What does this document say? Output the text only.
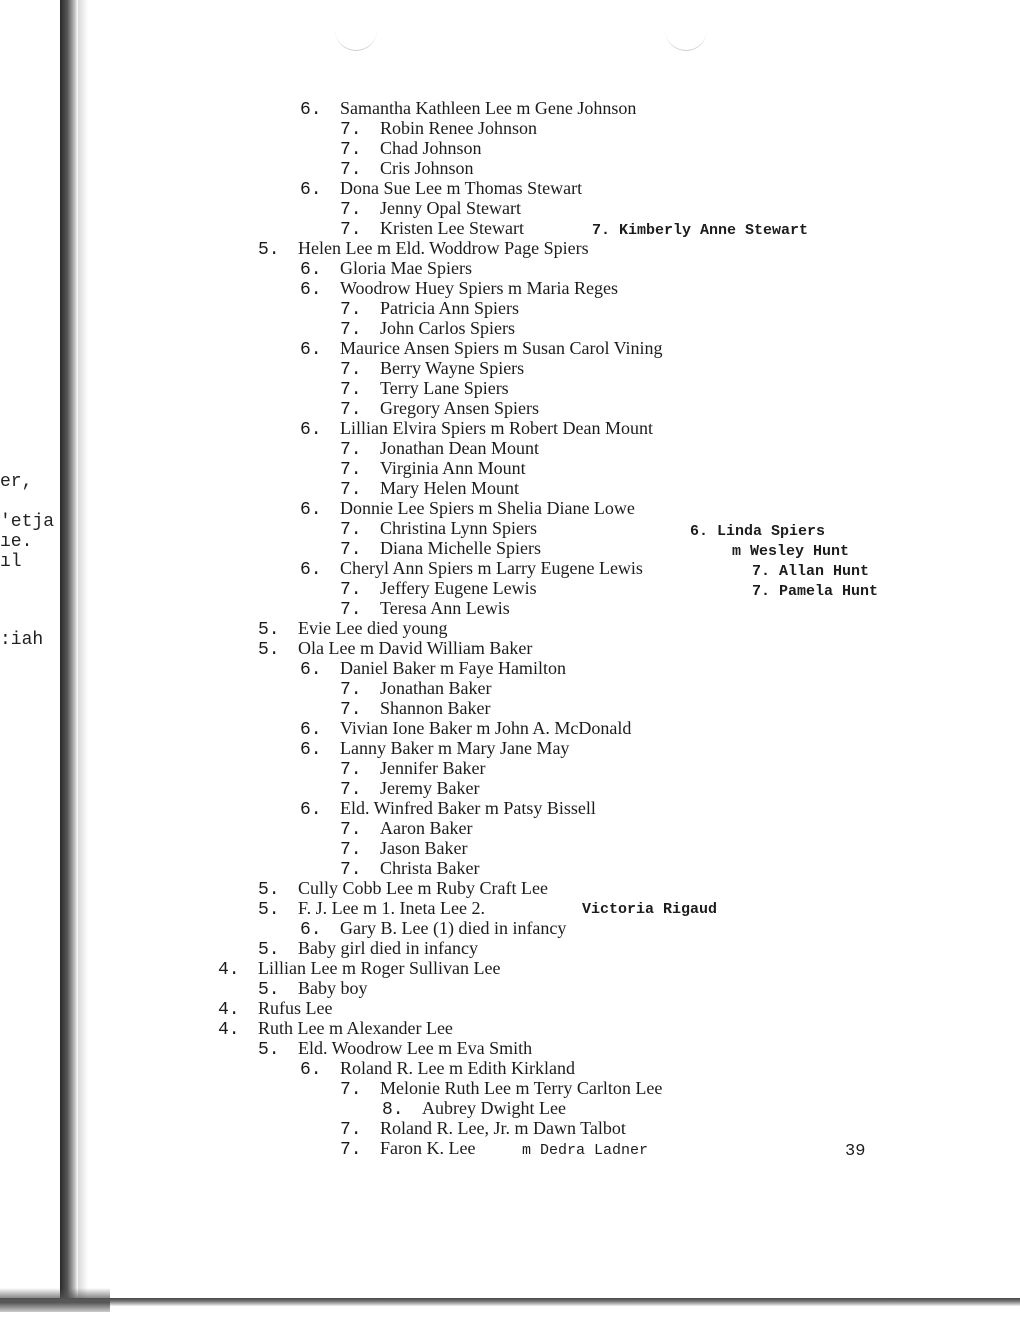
er,
'etja
ıe.
ıl
:iah
6. Samantha Kathleen Lee m Gene Johnson
7. Robin Renee Johnson
7. Chad Johnson
7. Cris Johnson
6. Dona Sue Lee m Thomas Stewart
7. Jenny Opal Stewart
7. Kristen Lee Stewart	7. Kimberly Anne Stewart
5. Helen Lee m Eld. Woddrow Page Spiers
6. Gloria Mae Spiers
6. Woodrow Huey Spiers m Maria Reges
7. Patricia Ann Spiers
7. John Carlos Spiers
6. Maurice Ansen Spiers m Susan Carol Vining
7. Berry Wayne Spiers
7. Terry Lane Spiers
7. Gregory Ansen Spiers
6. Lillian Elvira Spiers m Robert Dean Mount
7. Jonathan Dean Mount
7. Virginia Ann Mount
7. Mary Helen Mount
6. Donnie Lee Spiers m Shelia Diane Lowe
7. Christina Lynn Spiers	6. Linda Spiers
7. Diana Michelle Spiers	m Wesley Hunt
6. Cheryl Ann Spiers m Larry Eugene Lewis	7. Allan Hunt
7. Jeffery Eugene Lewis	7. Pamela Hunt
7. Teresa Ann Lewis
5. Evie Lee died young
5. Ola Lee m David William Baker
6. Daniel Baker m Faye Hamilton
7. Jonathan Baker
7. Shannon Baker
6. Vivian Ione Baker m John A. McDonald
6. Lanny Baker m Mary Jane May
7. Jennifer Baker
7. Jeremy Baker
6. Eld. Winfred Baker m Patsy Bissell
7. Aaron Baker
7. Jason Baker
7. Christa Baker
5. Cully Cobb Lee m Ruby Craft Lee
5. F. J. Lee m 1. Ineta Lee 2.	Victoria Rigaud
6. Gary B. Lee (1) died in infancy
5. Baby girl died in infancy
4. Lillian Lee m Roger Sullivan Lee
5. Baby boy
4. Rufus Lee
4. Ruth Lee m Alexander Lee
5. Eld. Woodrow Lee m Eva Smith
6. Roland R. Lee m Edith Kirkland
7. Melonie Ruth Lee m Terry Carlton Lee
8. Aubrey Dwight Lee
7. Roland R. Lee, Jr. m Dawn Talbot
7. Faron K. Lee	m Dedra Ladner	39
